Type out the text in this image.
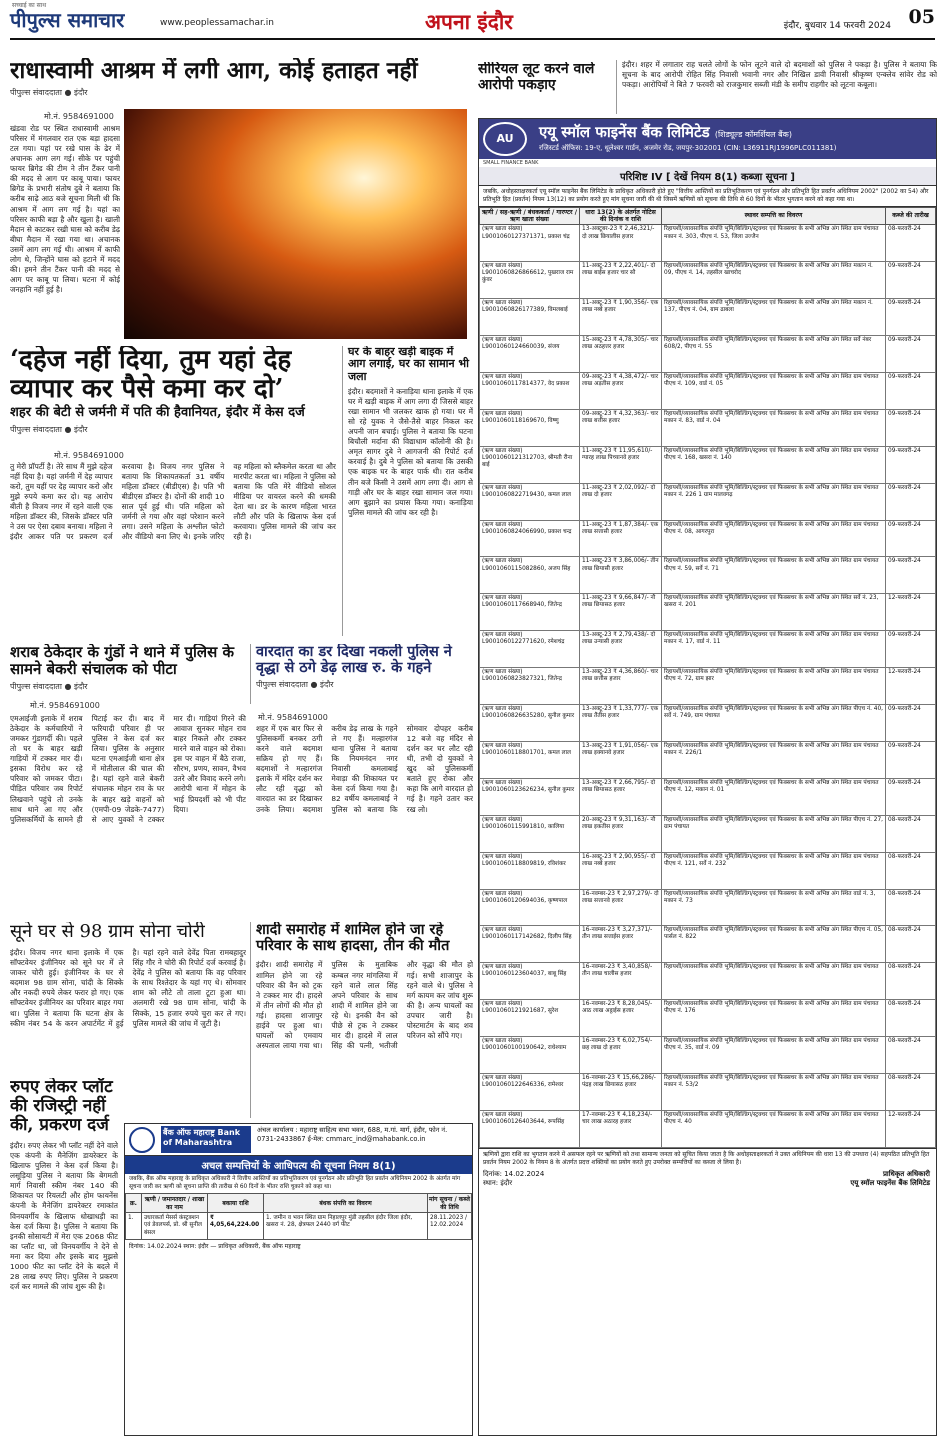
सच्चाई का साथ
पीपुल्स समाचार	www.peoplessamachar.in	अपना इंदौर	इंदौर, बुधवार 14 फरवरी 2024 05
राधास्वामी आश्रम में लगी आग, कोई हताहत नहीं
पीपुल्स संवाददाता ● इंदौर
मो.नं. 9584691000
खंडवा रोड पर स्थित राधास्वामी आश्रम परिसर में मंगलवार रात एक बड़ा हादसा टल गया। यहां पर रखे घास के ढेर में अचानक आग लग गई। सीके पर पहुंची फायर ब्रिगेड की टीम ने तीन टैंकर पानी की मदद से आग पर काबू पाया। फायर ब्रिगेड के प्रभारी संतोष दुबे ने बताया कि करीब साढ़े आठ बजे सूचना मिली थी कि आश्रम में आग लग गई है। यहां का परिसर काफी बड़ा है और खुला है। खाली मैदान से काटकर रखी घास को करीब डेढ़ बीघा मैदान में रखा गया था। अचानक उसमें आग लग गई थी। आश्रम में काफी लोग थे, जिन्होंने घास को हटाने में मदद की। हमने तीन टैंकर पानी की मदद से आग पर काबू पा लिया। घटना में कोई जनहानि नहीं हुई है।
सीरियल लूट करने वाले आरोपी पकड़ाए
इंदौर। शहर में लगातार राह चलते लोगों के फोन लूटने वाले दो बदमाशों को पुलिस ने पकड़ा है। पुलिस ने बताया कि सूचना के बाद आरोपी रोहित सिंह निवासी भवानी नगर और निखिल डावी निवासी श्रीकृष्ण एन्क्लेव सांवेर रोड को पकड़ा। आरोपियों ने बिते 7 फरवरी को राजकुमार सब्जी मंडी के समीप राहगीर को लूटना कबूला।
‘दहेज नहीं दिया, तुम यहां देह व्यापार कर पैसे कमा कर दो’
शहर की बेटी से जर्मनी में पति की हैवानियत, इंदौर में केस दर्ज
पीपुल्स संवाददाता ● इंदौर
मो.नं. 9584691000
तु मेरी प्रॉपर्टी है। तेरे साथ मैं मुझे दहेज नहीं दिया है। यहां जर्मनी में देह व्यापार करो, तुम यहीं पर देह व्यापार करो और मुझे रुपये कमा कर दो। यह आरोप बीती है विजय नगर में रहने वाली एक महिला डॉक्टर की, जिसके डॉक्टर पति ने उस पर ऐसा दबाव बनाया। महिला ने इंदौर आकर पति पर प्रकरण दर्ज करवाया है। विजय नगर पुलिस ने बताया कि शिकायतकर्ता 31 वर्षीय महिला डॉक्टर (बीडीएस) है। पति भी बीडीएस डॉक्टर है। दोनों की शादी 10 साल पूर्व हुई थी। पति महिला को जर्मनी ले गया और वहां परेशान करने लगा। उसने महिला के अश्लील फोटो और वीडियो बना लिए थे। इनके जरिए वह महिला को ब्लैकमेल करता था और मारपीट करता था। महिला ने पुलिस को बताया कि पति मेरे वीडियो सोशल मीडिया पर वायरल करने की धमकी देता था। डर के कारण महिला भारत लौटी और पति के खिलाफ केस दर्ज करवाया। पुलिस मामले की जांच कर रही है।
घर के बाहर खड़ी बाइक में आग लगाई, घर का सामान भी जला
इंदौर। बदमाशों ने कनाड़िया थाना इलाके में एक घर में खड़ी बाइक में आग लगा दी जिससे बाहर रखा सामान भी जलकर खाक हो गया। घर में सो रहे युवक ने जैसे-तैसे बाहर निकल कर अपनी जान बचाई। पुलिस ने बताया कि घटना बिचौली मर्दाना की विद्याधाम कॉलोनी की है। अमृत सागर दुबे ने आगजनी की रिपोर्ट दर्ज करवाई है। दुबे ने पुलिस को बताया कि उसकी एक बाइक घर के बाहर पार्क थी। रात करीब तीन बजे किसी ने उसमें आग लगा दी। आग से गाड़ी और घर के बाहर रखा सामान जल गया। आग बुझाने का प्रयास किया गया। कनाड़िया पुलिस मामले की जांच कर रही है।
शराब ठेकेदार के गुंडों ने थाने में पुलिस के सामने बेकरी संचालक को पीटा
पीपुल्स संवाददाता ● इंदौर
मो.नं. 9584691000
एमआईजी इलाके में शराब ठेकेदार के कर्मचारियों ने जमकर गुंडागर्दी की। पहले तो घर के बाहर खड़ी गाड़ियों में टक्कर मार दी। इसका विरोध कर रहे परिवार को जमकर पीटा। पीड़ित परिवार जब रिपोर्ट लिखवाने पहुंचे तो उनके साथ थाने आ गए और पुलिसकर्मियों के सामने ही पिटाई कर दी। बाद में फरियादी परिवार ही पर पुलिस ने केस दर्ज कर लिया। पुलिस के अनुसार घटना एमआईजी थाना क्षेत्र में मोतीलाल की चाल की है। यहां रहने वाले बेकरी संचालक मोहन राव के घर के बाहर खड़े वाहनों को (एमपी-09 जेडके-7477) से आए युवकों ने टक्कर मार दी। गाड़ियां गिरने की आवाज सुनकर मोहन राव बाहर निकले और टक्कर मारने वाले वाहन को रोका। इस पर वाहन में बैठे राजा, सौरभ, प्रणय, सावन, वैभव उतरे और विवाद करने लगे। आरोपी थाना में मोहन के भाई प्रियदर्शी को भी पीट दिया।
वारदात का डर दिखा नकली पुलिस ने वृद्धा से ठगे डेढ़ लाख रु. के गहने
पीपुल्स संवाददाता ● इंदौर
मो.नं. 9584691000
शहर में एक बार फिर से पुलिसकर्मी बनकर ठगी करने वाले बदमाश सक्रिय हो गए हैं। बदमाशों ने मल्हारगंज इलाके में मंदिर दर्शन कर लौट रही वृद्धा को वारदात का डर दिखाकर उनके लिया। बदमाश करीब डेढ़ लाख के गहने ले गए हैं। मल्हारगंज थाना पुलिस ने बताया कि नियमनंदन नगर निवासी कमलाबाई मेवाड़ा की शिकायत पर केस दर्ज किया गया है। 82 वर्षीय कमलाबाई ने पुलिस को बताया कि सोमवार दोपहर करीब 12 बजे वह मंदिर से दर्शन कर घर लौट रही थी, तभी दो युवकों ने खुद को पुलिसकर्मी बताते हुए रोका और कहा कि आगे वारदात हो गई है। गहने उतार कर रख लो।
सूने घर से 98 ग्राम सोना चोरी
इंदौर। विजय नगर थाना इलाके में एक सॉफ्टवेयर इंजीनियर को सूने घर में ले जाकर चोरी हुई। इंजीनियर के घर से बदमाश 98 ग्राम सोना, चांदी के सिक्के और नकदी रुपये लेकर फरार हो गए। एक सॉफ्टवेयर इंजीनियर का परिवार बाहर गया था। पुलिस ने बताया कि घटना क्षेत्र के स्कीम नंबर 54 के करन अपार्टमेंट में हुई है। यहां रहने वाले देवेंद्र पिता रामबहादुर सिंह गौर ने चोरी की रिपोर्ट दर्ज करवाई है। देवेंद्र ने पुलिस को बताया कि वह परिवार के साथ रिश्तेदार के यहां गए थे। सोमवार शाम को लौटे तो ताला टूटा हुआ था। अलमारी रखे 98 ग्राम सोना, चांदी के सिक्के, 15 हजार रुपये चुरा कर ले गए। पुलिस मामले की जांच में जुटी है।
शादी समारोह में शामिल होने जा रहे परिवार के साथ हादसा, तीन की मौत
इंदौर। शादी समारोह में शामिल होने जा रहे परिवार की वैन को ट्रक ने टक्कर मार दी। हादसे में तीन लोगों की मौत हो गई। हादसा शाजापुर हाईवे पर हुआ था। घायलों को एमवाय अस्पताल लाया गया था। पुलिस के मुताबिक कम्बल नगर मांगलिया में रहने वाले लाल सिंह अपने परिवार के साथ शादी में शामिल होने जा रहे थे। इनकी वैन को पीछे से ट्रक ने टक्कर मार दी। हादसे में लाल सिंह की पत्नी, भतीजी और वृद्धा की मौत हो गई। सभी शाजापुर के रहने वाले थे। पुलिस ने मर्ग कायम कर जांच शुरू की है। अन्य घायलों का उपचार जारी है। पोस्टमार्टम के बाद शव परिजन को सौंपे गए।
रुपए लेकर प्लॉट की रजिस्ट्री नहीं की, प्रकरण दर्ज
इंदौर। रुपए लेकर भी प्लॉट नहीं देने वाले एक कंपनी के मैनेजिंग डायरेक्टर के खिलाफ पुलिस ने केस दर्ज किया है। लसूड़िया पुलिस ने बताया कि बेगमती मार्ग निवासी स्कीम नंबर 140 की शिकायत पर रियलटी और होम फायनेंस कंपनी के मैनेजिंग डायरेक्टर रमाकांत विनयवर्गीय के खिलाफ धोखाधड़ी का केस दर्ज किया है। पुलिस ने बताया कि इनकी सोसायटी में मेरा एक 2068 फीट का प्लॉट था, जो विनयवर्गीय ने देने से मना कर दिया और इसके बाद मुझसे 1000 फीट का प्लॉट देने के बदले में 28 लाख रुपए लिए। पुलिस ने प्रकरण दर्ज कर मामले की जांच शुरू की है।
बैंक ऑफ महाराष्ट्र Bank of Maharashtra
अंचल कार्यालय : महाराष्ट्र साहित्य सभा भवन, 688, म.गां. मार्ग, इंदौर, फोन नं. 0731-2433867 ई-मेल: cmmarc_ind@mahabank.co.in
अचल सम्पत्तियों के आधिपत्य की सूचना नियम 8(1)
जबकि, बैंक ऑफ महाराष्ट्र के प्राधिकृत अधिकारी ने वित्तीय आस्तियों का प्रतिभूतिकरण एवं पुनर्गठन और प्रतिभूति हित प्रवर्तन अधिनियम 2002 के अंतर्गत मांग सूचना जारी कर ऋणी को सूचना प्राप्ति की तारीख से 60 दिनों के भीतर राशि चुकाने को कहा था।
क्र.	ऋणी / जमानतदार / शाखा का नाम	बकाया राशि	बंधक संपत्ति का विवरण	मांग सूचना / कब्जे की तिथि
1.	उधारकर्ता मेसर्स कंस्ट्रक्शन एवं डेवलपर्स, प्रो. श्री सुनील बंसल	₹ 4,05,64,224.00	1. जमीन व भवन स्थित ग्राम निहालपुर मुंडी तहसील इंदौर जिला इंदौर, खसरा नं. 28, क्षेत्रफल 2440 वर्ग फीट	28.11.2023 / 12.02.2024
दिनांक: 14.02.2024 स्थान: इंदौर — प्राधिकृत अधिकारी, बैंक ऑफ महाराष्ट्र
AU	एयू स्मॉल फाइनेंस बैंक लिमिटेड (शिड्यूल्ड कॉमर्शियल बैंक)
रजिस्टर्ड ऑफिस: 19-ए, धूलेश्वर गार्डन, अजमेर रोड, जयपुर-302001 (CIN: L36911RJ1996PLC011381)
SMALL FINANCE BANK
परिशिष्ट IV [ देखें नियम 8(1) कब्जा सूचना ]
जबकि, अधोहस्ताक्षरकर्ता एयू स्मॉल फाइनेंस बैंक लिमिटेड के प्राधिकृत अधिकारी होते हुए "वित्तीय आस्तियों का प्रतिभूतिकरण एवं पुनर्गठन और प्रतिभूति हित प्रवर्तन अधिनियम 2002" (2002 का 54) और प्रतिभूति हित (प्रवर्तन) नियम 13(12) का प्रयोग करते हुए मांग सूचना जारी की थी जिसमें ऋणियों को सूचना की तिथि से 60 दिनों के भीतर भुगतान करने को कहा गया था।
ऋणी / सह-ऋणी / बंधककर्ता / गारण्टर / ऋण खाता संख्या	धारा 13(2) के अंतर्गत नोटिस की दिनांक व राशि	स्थावर सम्पत्ति का विवरण	कब्जे की तारीख
(ऋण खाता संख्या) L9001060127371371, प्रकाश चंद्र	13-अक्टूबर-23 ₹ 2,46,321/- दो लाख छियालीस हजार	रिहायशी/व्यावसायिक संपत्ति भूमि/बिल्डिंग/स्ट्रक्चर एवं फिक्सचर के सभी अभिन्न अंग स्थित ग्राम पंचायत मकान नं. 303, पीएच नं. 53, जिला उज्जैन	08-फरवरी-24
(ऋण खाता संख्या) L9001060826866612, पुखराज राम कुंवर	11-अक्टू-23 ₹ 2,22,401/- दो लाख बाईस हजार चार सौ	रिहायशी/व्यावसायिक संपत्ति भूमि/बिल्डिंग/स्ट्रक्चर एवं फिक्सचर के सभी अभिन्न अंग स्थित मकान नं. 09, पीएच नं. 14, तहसील खाचरोद	09-फरवरी-24
(ऋण खाता संख्या) L9001060826177389, विमलबाई	11-अक्टू-23 ₹ 1,90,356/- एक लाख नब्बे हजार	रिहायशी/व्यावसायिक संपत्ति भूमि/बिल्डिंग/स्ट्रक्चर एवं फिक्सचर के सभी अभिन्न अंग स्थित मकान नं. 137, पीएच नं. 04, ग्राम ढाबला	09-फरवरी-24
(ऋण खाता संख्या) L9001060124660039, संजय	15-अक्टू-23 ₹ 4,78,305/- चार लाख अठहत्तर हजार	रिहायशी/व्यावसायिक संपत्ति भूमि/बिल्डिंग/स्ट्रक्चर एवं फिक्सचर के सभी अभिन्न अंग स्थित सर्वे नंबर 608/2, पीएच नं. 55	09-फरवरी-24
(ऋण खाता संख्या) L9001060117814377, वेद प्रकाश	09-अक्टू-23 ₹ 4,38,472/- चार लाख अड़तीस हजार	रिहायशी/व्यावसायिक संपत्ति भूमि/बिल्डिंग/स्ट्रक्चर एवं फिक्सचर के सभी अभिन्न अंग स्थित ग्राम पंचायत पीएच नं. 109, वार्ड नं. 05	09-फरवरी-24
(ऋण खाता संख्या) L9001060118169670, विष्णु	09-अक्टू-23 ₹ 4,32,363/- चार लाख बत्तीस हजार	रिहायशी/व्यावसायिक संपत्ति भूमि/बिल्डिंग/स्ट्रक्चर एवं फिक्सचर के सभी अभिन्न अंग स्थित ग्राम पंचायत मकान नं. 83, वार्ड नं. 04	09-फरवरी-24
(ऋण खाता संख्या) L9001060121312703, श्रीमती रीना बाई	11-अक्टू-23 ₹ 11,95,610/- ग्यारह लाख पिच्यानवे हजार	रिहायशी/व्यावसायिक संपत्ति भूमि/बिल्डिंग/स्ट्रक्चर एवं फिक्सचर के सभी अभिन्न अंग स्थित ग्राम पंचायत पीएच नं. 168, खसरा नं. 140	09-फरवरी-24
(ऋण खाता संख्या) L9001060822719430, कमल लाल	11-अक्टू-23 ₹ 2,02,092/- दो लाख दो हजार	रिहायशी/व्यावसायिक संपत्ति भूमि/बिल्डिंग/स्ट्रक्चर एवं फिक्सचर के सभी अभिन्न अंग स्थित ग्राम पंचायत मकान नं. 226 1 ग्राम मालवगढ़	09-फरवरी-24
(ऋण खाता संख्या) L9001060824066990, प्रकाश चन्द्र	11-अक्टू-23 ₹ 1,87,384/- एक लाख सत्तासी हजार	रिहायशी/व्यावसायिक संपत्ति भूमि/बिल्डिंग/स्ट्रक्चर एवं फिक्सचर के सभी अभिन्न अंग स्थित ग्राम पंचायत पीएच नं. 08, आगरपुरा	09-फरवरी-24
(ऋण खाता संख्या) L9001060115082860, अजय सिंह	11-अक्टू-23 ₹ 3,86,006/- तीन लाख छियासी हजार	रिहायशी/व्यावसायिक संपत्ति भूमि/बिल्डिंग/स्ट्रक्चर एवं फिक्सचर के सभी अभिन्न अंग स्थित ग्राम पंचायत पीएच नं. 59, सर्वे नं. 71	09-फरवरी-24
(ऋण खाता संख्या) L9001060117668940, जितेन्द्र	11-अक्टू-23 ₹ 9,66,847/- नौ लाख छियासठ हजार	रिहायशी/व्यावसायिक संपत्ति भूमि/बिल्डिंग/स्ट्रक्चर एवं फिक्सचर के सभी अभिन्न अंग स्थित सर्वे नं. 23, खसरा नं. 201	12-फरवरी-24
(ऋण खाता संख्या) L9001060122771620, रमेशचंद्र	13-अक्टू-23 ₹ 2,79,438/- दो लाख उन्यासी हजार	रिहायशी/व्यावसायिक संपत्ति भूमि/बिल्डिंग/स्ट्रक्चर एवं फिक्सचर के सभी अभिन्न अंग स्थित ग्राम पंचायत मकान नं. 17, वार्ड नं. 11	09-फरवरी-24
(ऋण खाता संख्या) L9001060823827321, जितेन्द्र	13-अक्टू-23 ₹ 4,36,860/- चार लाख छत्तीस हजार	रिहायशी/व्यावसायिक संपत्ति भूमि/बिल्डिंग/स्ट्रक्चर एवं फिक्सचर के सभी अभिन्न अंग स्थित ग्राम पंचायत पीएच नं. 72, ग्राम झार	12-फरवरी-24
(ऋण खाता संख्या) L9001060826635280, सुनील कुमार	13-अक्टू-23 ₹ 1,33,777/- एक लाख तैंतीस हजार	रिहायशी/व्यावसायिक संपत्ति भूमि/बिल्डिंग/स्ट्रक्चर एवं फिक्सचर के सभी अभिन्न अंग स्थित पीएच नं. 40, सर्वे नं. 749, ग्राम पंचायत	09-फरवरी-24
(ऋण खाता संख्या) L9001060118801701, कमल लाल	13-अक्टू-23 ₹ 1,91,056/- एक लाख इक्यानवे हजार	रिहायशी/व्यावसायिक संपत्ति भूमि/बिल्डिंग/स्ट्रक्चर एवं फिक्सचर के सभी अभिन्न अंग स्थित ग्राम पंचायत मकान नं. 226/1	09-फरवरी-24
(ऋण खाता संख्या) L9001060123626234, सुनील कुमार	13-अक्टू-23 ₹ 2,66,795/- दो लाख छियासठ हजार	रिहायशी/व्यावसायिक संपत्ति भूमि/बिल्डिंग/स्ट्रक्चर एवं फिक्सचर के सभी अभिन्न अंग स्थित ग्राम पंचायत पीएच नं. 12, मकान नं. 01	09-फरवरी-24
(ऋण खाता संख्या) L9001060115991810, कालिया	20-अक्टू-23 ₹ 9,31,163/- नौ लाख इकतीस हजार	रिहायशी/व्यावसायिक संपत्ति भूमि/बिल्डिंग/स्ट्रक्चर एवं फिक्सचर के सभी अभिन्न अंग स्थित पीएच नं. 27, ग्राम पंचायत	08-फरवरी-24
(ऋण खाता संख्या) L9001060118809819, रविशंकर	16-अक्टू-23 ₹ 2,90,955/- दो लाख नब्बे हजार	रिहायशी/व्यावसायिक संपत्ति भूमि/बिल्डिंग/स्ट्रक्चर एवं फिक्सचर के सभी अभिन्न अंग स्थित ग्राम पंचायत पीएच नं. 121, सर्वे नं. 232	08-फरवरी-24
(ऋण खाता संख्या) L9001060120694036, कृष्णपाल	16-नवम्बर-23 ₹ 2,97,279/- दो लाख सत्तानवे हजार	रिहायशी/व्यावसायिक संपत्ति भूमि/बिल्डिंग/स्ट्रक्चर एवं फिक्सचर के सभी अभिन्न अंग स्थित वार्ड नं. 3, मकान नं. 73	08-फरवरी-24
(ऋण खाता संख्या) L9001060117142682, दिलीप सिंह	16-नवम्बर-23 ₹ 3,27,371/- तीन लाख सत्ताईस हजार	रिहायशी/व्यावसायिक संपत्ति भूमि/बिल्डिंग/स्ट्रक्चर एवं फिक्सचर के सभी अभिन्न अंग स्थित पीएच नं. 05, पार्सल नं. 822	08-फरवरी-24
(ऋण खाता संख्या) L9001060123604037, बाबू सिंह	16-नवम्बर-23 ₹ 3,40,858/- तीन लाख चालीस हजार	रिहायशी/व्यावसायिक संपत्ति भूमि/बिल्डिंग/स्ट्रक्चर एवं फिक्सचर के सभी अभिन्न अंग स्थित ग्राम पंचायत	08-फरवरी-24
(ऋण खाता संख्या) L9001060121921687, सुरेश	16-नवम्बर-23 ₹ 8,28,045/- आठ लाख अट्ठाईस हजार	रिहायशी/व्यावसायिक संपत्ति भूमि/बिल्डिंग/स्ट्रक्चर एवं फिक्सचर के सभी अभिन्न अंग स्थित ग्राम पंचायत पीएच नं. 176	08-फरवरी-24
(ऋण खाता संख्या) L9001060100190642, राधेश्याम	16-नवम्बर-23 ₹ 6,02,754/- छह लाख दो हजार	रिहायशी/व्यावसायिक संपत्ति भूमि/बिल्डिंग/स्ट्रक्चर एवं फिक्सचर के सभी अभिन्न अंग स्थित ग्राम पंचायत पीएच नं. 35, वार्ड नं. 09	08-फरवरी-24
(ऋण खाता संख्या) L9001060122646336, रामेश्वर	16-नवम्बर-23 ₹ 15,66,286/- पंद्रह लाख छियासठ हजार	रिहायशी/व्यावसायिक संपत्ति भूमि/बिल्डिंग/स्ट्रक्चर एवं फिक्सचर के सभी अभिन्न अंग स्थित ग्राम पंचायत मकान नं. 53/2	08-फरवरी-24
(ऋण खाता संख्या) L9001060126403644, रूपसिंह	17-नवम्बर-23 ₹ 4,18,234/- चार लाख अठारह हजार	रिहायशी/व्यावसायिक संपत्ति भूमि/बिल्डिंग/स्ट्रक्चर एवं फिक्सचर के सभी अभिन्न अंग स्थित ग्राम पंचायत पीएच नं. 40	12-फरवरी-24
ऋणियों द्वारा राशि का भुगतान करने में असफल रहने पर ऋणियों को तथा सामान्य जनता को सूचित किया जाता है कि अधोहस्ताक्षरकर्ता ने उक्त अधिनियम की धारा 13 की उपधारा (4) सहपठित प्रतिभूति हित प्रवर्तन नियम 2002 के नियम 8 के अंतर्गत प्रदत्त शक्तियों का प्रयोग करते हुए उपरोक्त सम्पत्तियों का कब्जा ले लिया है।
दिनांक: 14.02.2024
स्थान: इंदौर
प्राधिकृत अधिकारी
एयू स्मॉल फाइनेंस बैंक लिमिटेड
